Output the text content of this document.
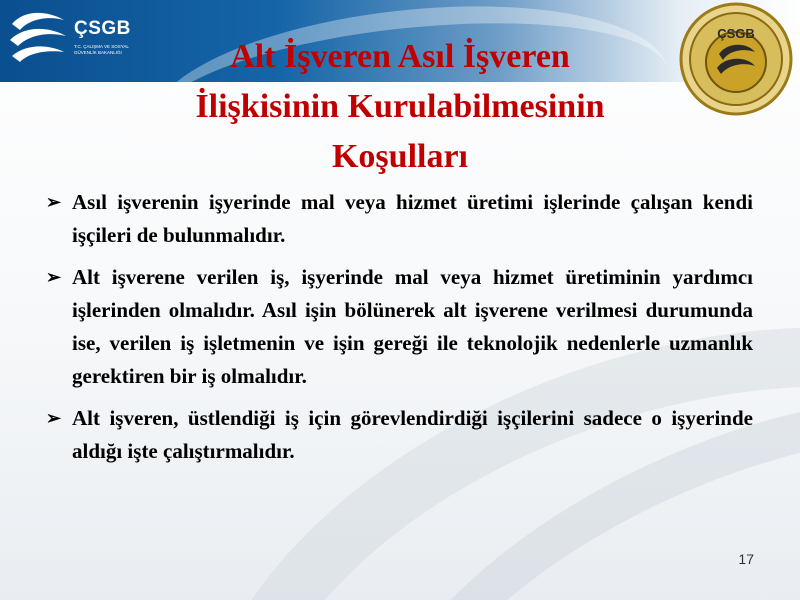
ÇSGB
T.C. ÇALIŞMA VE SOSYAL GÜVENLİK BAKANLIĞI
ÇSGB
Alt İşveren Asıl İşveren
İlişkisinin Kurulabilmesinin
Koşulları
➢ Asıl işverenin işyerinde mal veya hizmet üretimi işlerinde çalışan kendi işçileri de bulunmalıdır.
➢ Alt işverene verilen iş, işyerinde mal veya hizmet üretiminin yardımcı işlerinden olmalıdır. Asıl işin bölünerek alt işverene verilmesi durumunda ise, verilen iş işletmenin ve işin gereği ile teknolojik nedenlerle uzmanlık gerektiren bir iş olmalıdır.
➢ Alt işveren, üstlendiği iş için görevlendirdiği işçilerini sadece o işyerinde aldığı işte çalıştırmalıdır.
17
